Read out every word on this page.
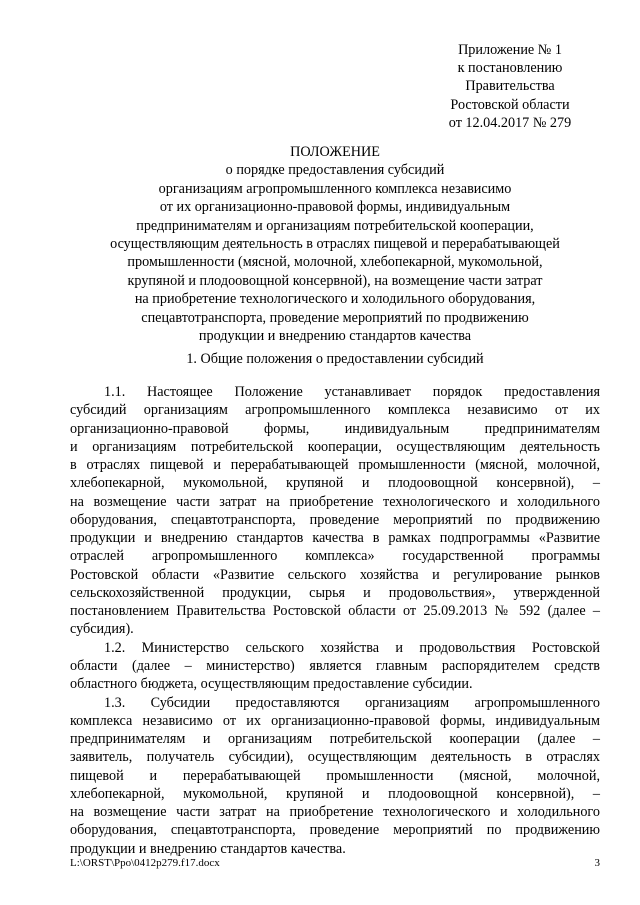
Приложение № 1
к постановлению
Правительства
Ростовской области
от 12.04.2017 № 279
ПОЛОЖЕНИЕ
о порядке предоставления субсидий
организациям агропромышленного комплекса независимо
от их организационно-правовой формы, индивидуальным
предпринимателям и организациям потребительской кооперации,
осуществляющим деятельность в отраслях пищевой и перерабатывающей
промышленности (мясной, молочной, хлебопекарной, мукомольной,
крупяной и плодоовощной консервной), на возмещение части затрат
на приобретение технологического и холодильного оборудования,
спецавтотранспорта, проведение мероприятий по продвижению
продукции и внедрению стандартов качества
1. Общие положения о предоставлении субсидий
1.1. Настоящее Положение устанавливает порядок предоставления
субсидий организациям агропромышленного комплекса независимо от их
организационно-правовой формы, индивидуальным предпринимателям
и организациям потребительской кооперации, осуществляющим деятельность
в отраслях пищевой и перерабатывающей промышленности (мясной, молочной,
хлебопекарной, мукомольной, крупяной и плодоовощной консервной), –
на возмещение части затрат на приобретение технологического и холодильного
оборудования, спецавтотранспорта, проведение мероприятий по продвижению
продукции и внедрению стандартов качества в рамках подпрограммы «Развитие
отраслей агропромышленного комплекса» государственной программы
Ростовской области «Развитие сельского хозяйства и регулирование рынков
сельскохозяйственной продукции, сырья и продовольствия», утвержденной
постановлением Правительства Ростовской области от 25.09.2013 № 592 (далее –
субсидия).
1.2. Министерство сельского хозяйства и продовольствия Ростовской
области (далее – министерство) является главным распорядителем средств
областного бюджета, осуществляющим предоставление субсидии.
1.3. Субсидии предоставляются организациям агропромышленного
комплекса независимо от их организационно-правовой формы, индивидуальным
предпринимателям и организациям потребительской кооперации (далее –
заявитель, получатель субсидии), осуществляющим деятельность в отраслях
пищевой и перерабатывающей промышленности (мясной, молочной,
хлебопекарной, мукомольной, крупяной и плодоовощной консервной), –
на возмещение части затрат на приобретение технологического и холодильного
оборудования, спецавтотранспорта, проведение мероприятий по продвижению
продукции и внедрению стандартов качества.
L:\ORST\Ppo\0412p279.f17.docx	3
